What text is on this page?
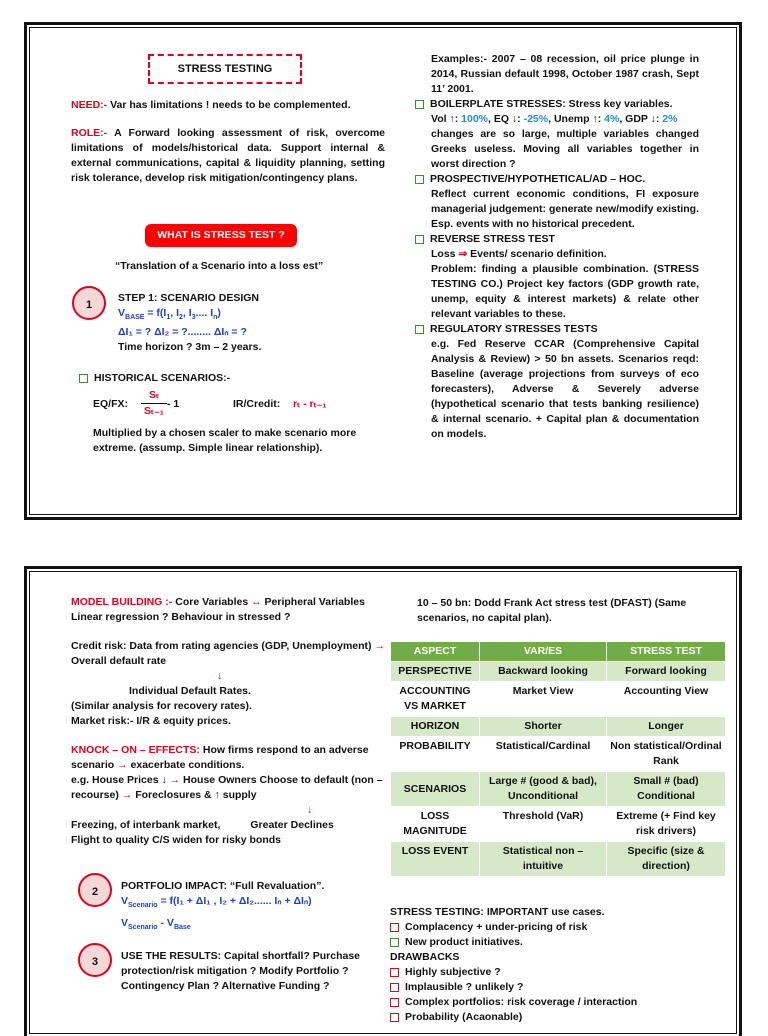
STRESS TESTING

NEED:- Var has limitations ! needs to be complemented.

ROLE:- A Forward looking assessment of risk, overcome limitations of models/historical data. Support internal & external communications, capital & liquidity planning, setting risk tolerance, develop risk mitigation/contingency plans.

WHAT IS STRESS TEST ?
“Translation of a Scenario into a loss est”
1

STEP 1: SCENARIO DESIGN

$V_{BASE} = f(I_1$, $I_2$, $I_3$.... $I_n$)

ΔI₁ = ? ΔI₂ = ?........ ΔIₙ = ?

Time horizon ? 3m – 2 years.

HISTORICAL SCENARIOS:-

EQ/FX:
Sₜ
Sₜ₋₁
- 1	IR/Credit: rₜ - rₜ₋₁

Multiplied by a chosen scaler to make scenario more extreme. (assump. Simple linear relationship).

Examples:- 2007 – 08 recession, oil price plunge in 2014, Russian default 1998, October 1987 crash, Sept 11’ 2001.

BOILERPLATE STRESSES: Stress key variables.

Vol ↑: 100%, EQ ↓: -25%, Unemp ↑: 4%, GDP ↓: 2%

changes are so large, multiple variables changed Greeks useless. Moving all variables together in worst direction ?

PROSPECTIVE/HYPOTHETICAL/AD – HOC.

Reflect current economic conditions, FI exposure managerial judgement: generate new/modify existing. Esp. events with no historical precedent.

REVERSE STRESS TEST

Loss ⇒ Events/ scenario definition.

Problem: finding a plausible combination. (STRESS TESTING CO.) Project key factors (GDP growth rate, unemp, equity & interest markets) & relate other relevant variables to these.

REGULATORY STRESSES TESTS

e.g. Fed Reserve CCAR (Comprehensive Capital Analysis & Review) > 50 bn assets. Scenarios reqd: Baseline (average projections from surveys of eco forecasters), Adverse & Severely adverse (hypothetical scenario that tests banking resilience) & internal scenario. + Capital plan & documentation on models.

MODEL BUILDING :- Core Variables ↔ Peripheral Variables

Linear regression ? Behaviour in stressed ?

Credit risk: Data from rating agencies (GDP, Unemployment) → Overall default rate

↓

Individual Default Rates.

(Similar analysis for recovery rates).

Market risk:- I/R & equity prices.

KNOCK – ON – EFFECTS: How firms respond to an adverse scenario → exacerbate conditions.

e.g. House Prices ↓ → House Owners Choose to default (non – recourse) → Foreclosures & ↑ supply

↓

Freezing, of interbank market,	Greater Declines

Flight to quality C/S widen for risky bonds

2	PORTFOLIO IMPACT: “Full Revaluation”.

$V_{Scenario} = f(I_1 + \Delta I_1$ , I₂ + ΔI₂...... Iₙ + ΔIₙ)

$V_{Scenario} - V_{Base}$

3	USE THE RESULTS: Capital shortfall? Purchase protection/risk mitigation ? Modify Portfolio ? Contingency Plan ? Alternative Funding ?

10 – 50 bn: Dodd Frank Act stress test (DFAST) (Same scenarios, no capital plan).

ASPECT	VAR/ES	STRESS TEST
PERSPECTIVE	Backward looking	Forward looking
ACCOUNTING VS MARKET	Market View	Accounting View
HORIZON	Shorter	Longer
PROBABILITY	Statistical/Cardinal	Non statistical/Ordinal Rank
SCENARIOS	Large # (good & bad), Unconditional	Small # (bad) Conditional
LOSS MAGNITUDE	Threshold (VaR)	Extreme (+ Find key risk drivers)
LOSS EVENT	Statistical non – intuitive	Specific (size & direction)

STRESS TESTING: IMPORTANT use cases.

Complacency + under-pricing of risk

New product initiatives.

DRAWBACKS

Highly subjective ?

Implausible ? unlikely ?

Complex portfolios: risk coverage / interaction

Probability (Acaonable)
